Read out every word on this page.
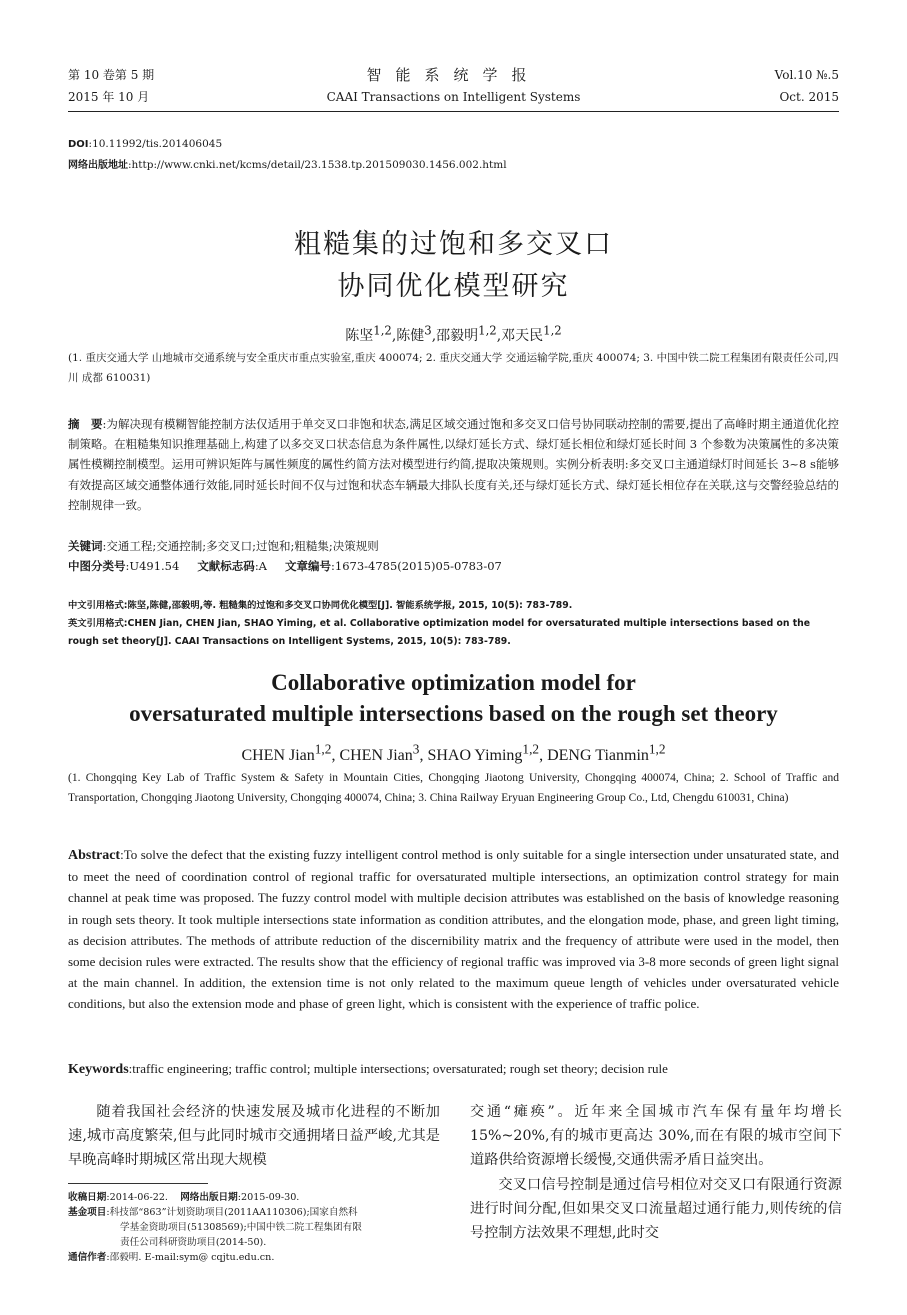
第 10 卷第 5 期
2015 年 10 月
智能系统学报
CAAI Transactions on Intelligent Systems
Vol.10 №.5
Oct. 2015
DOI:10.11992/tis.201406045
网络出版地址:http://www.cnki.net/kcms/detail/23.1538.tp.201509030.1456.002.html
粗糙集的过饱和多交叉口
协同优化模型研究
陈坚$^{1,2}$,陈健$^3$,邵毅明$^{1,2}$,邓天民$^{1,2}$
(1. 重庆交通大学 山地城市交通系统与安全重庆市重点实验室,重庆 400074; 2. 重庆交通大学 交通运输学院,重庆 400074; 3. 中国中铁二院工程集团有限责任公司,四川 成都 610031)
摘　要:为解决现有模糊智能控制方法仅适用于单交叉口非饱和状态,满足区域交通过饱和多交叉口信号协同联动控制的需要,提出了高峰时期主通道优化控制策略。在粗糙集知识推理基础上,构建了以多交叉口状态信息为条件属性,以绿灯延长方式、绿灯延长相位和绿灯延长时间 3 个参数为决策属性的多决策属性模糊控制模型。运用可辨识矩阵与属性频度的属性约简方法对模型进行约简,提取决策规则。实例分析表明:多交叉口主通道绿灯时间延长 3~8 s能够有效提高区域交通整体通行效能,同时延长时间不仅与过饱和状态车辆最大排队长度有关,还与绿灯延长方式、绿灯延长相位存在关联,这与交警经验总结的控制规律一致。
关键词:交通工程;交通控制;多交叉口;过饱和;粗糙集;决策规则
中图分类号:U491.54 文献标志码:A 文章编号:1673-4785(2015)05-0783-07
中文引用格式:陈坚,陈健,邵毅明,等. 粗糙集的过饱和多交叉口协同优化模型[J]. 智能系统学报, 2015, 10(5): 783-789.
英文引用格式:CHEN Jian, CHEN Jian, SHAO Yiming, et al. Collaborative optimization model for oversaturated multiple intersections based on the rough set theory[J]. CAAI Transactions on Intelligent Systems, 2015, 10(5): 783-789.
Collaborative optimization model for
oversaturated multiple intersections based on the rough set theory
CHEN Jian$^{1,2}$, CHEN Jian$^3$, SHAO Yiming$^{1,2}$, DENG Tianmin$^{1,2}$
(1. Chongqing Key Lab of Traffic System & Safety in Mountain Cities, Chongqing Jiaotong University, Chongqing 400074, China; 2. School of Traffic and Transportation, Chongqing Jiaotong University, Chongqing 400074, China; 3. China Railway Eryuan Engineering Group Co., Ltd, Chengdu 610031, China)
Abstract:To solve the defect that the existing fuzzy intelligent control method is only suitable for a single intersection under unsaturated state, and to meet the need of coordination control of regional traffic for oversaturated multiple intersections, an optimization control strategy for main channel at peak time was proposed. The fuzzy control model with multiple decision attributes was established on the basis of knowledge reasoning in rough sets theory. It took multiple intersections state information as condition attributes, and the elongation mode, phase, and green light timing, as decision attributes. The methods of attribute reduction of the discernibility matrix and the frequency of attribute were used in the model, then some decision rules were extracted. The results show that the efficiency of regional traffic was improved via 3-8 more seconds of green light signal at the main channel. In addition, the extension time is not only related to the maximum queue length of vehicles under oversaturated vehicle conditions, but also the extension mode and phase of green light, which is consistent with the experience of traffic police.
Keywords:traffic engineering; traffic control; multiple intersections; oversaturated; rough set theory; decision rule

随着我国社会经济的快速发展及城市化进程的不断加速,城市高度繁荣,但与此同时城市交通拥堵日益严峻,尤其是早晚高峰时期城区常出现大规模

交通“瘫痪”。近年来全国城市汽车保有量年均增长 15%~20%,有的城市更高达 30%,而在有限的城市空间下道路供给资源增长缓慢,交通供需矛盾日益突出。

交叉口信号控制是通过信号相位对交叉口有限通行资源进行时间分配,但如果交叉口流量超过通行能力,则传统的信号控制方法效果不理想,此时交

收稿日期:2014-06-22. 网络出版日期:2015-09-30.
基金项目:科技部“863”计划资助项目(2011AA110306);国家自然科
学基金资助项目(51308569);中国中铁二院工程集团有限
责任公司科研资助项目(2014-50).
通信作者:邵毅明. E-mail:sym@ cqjtu.edu.cn.
